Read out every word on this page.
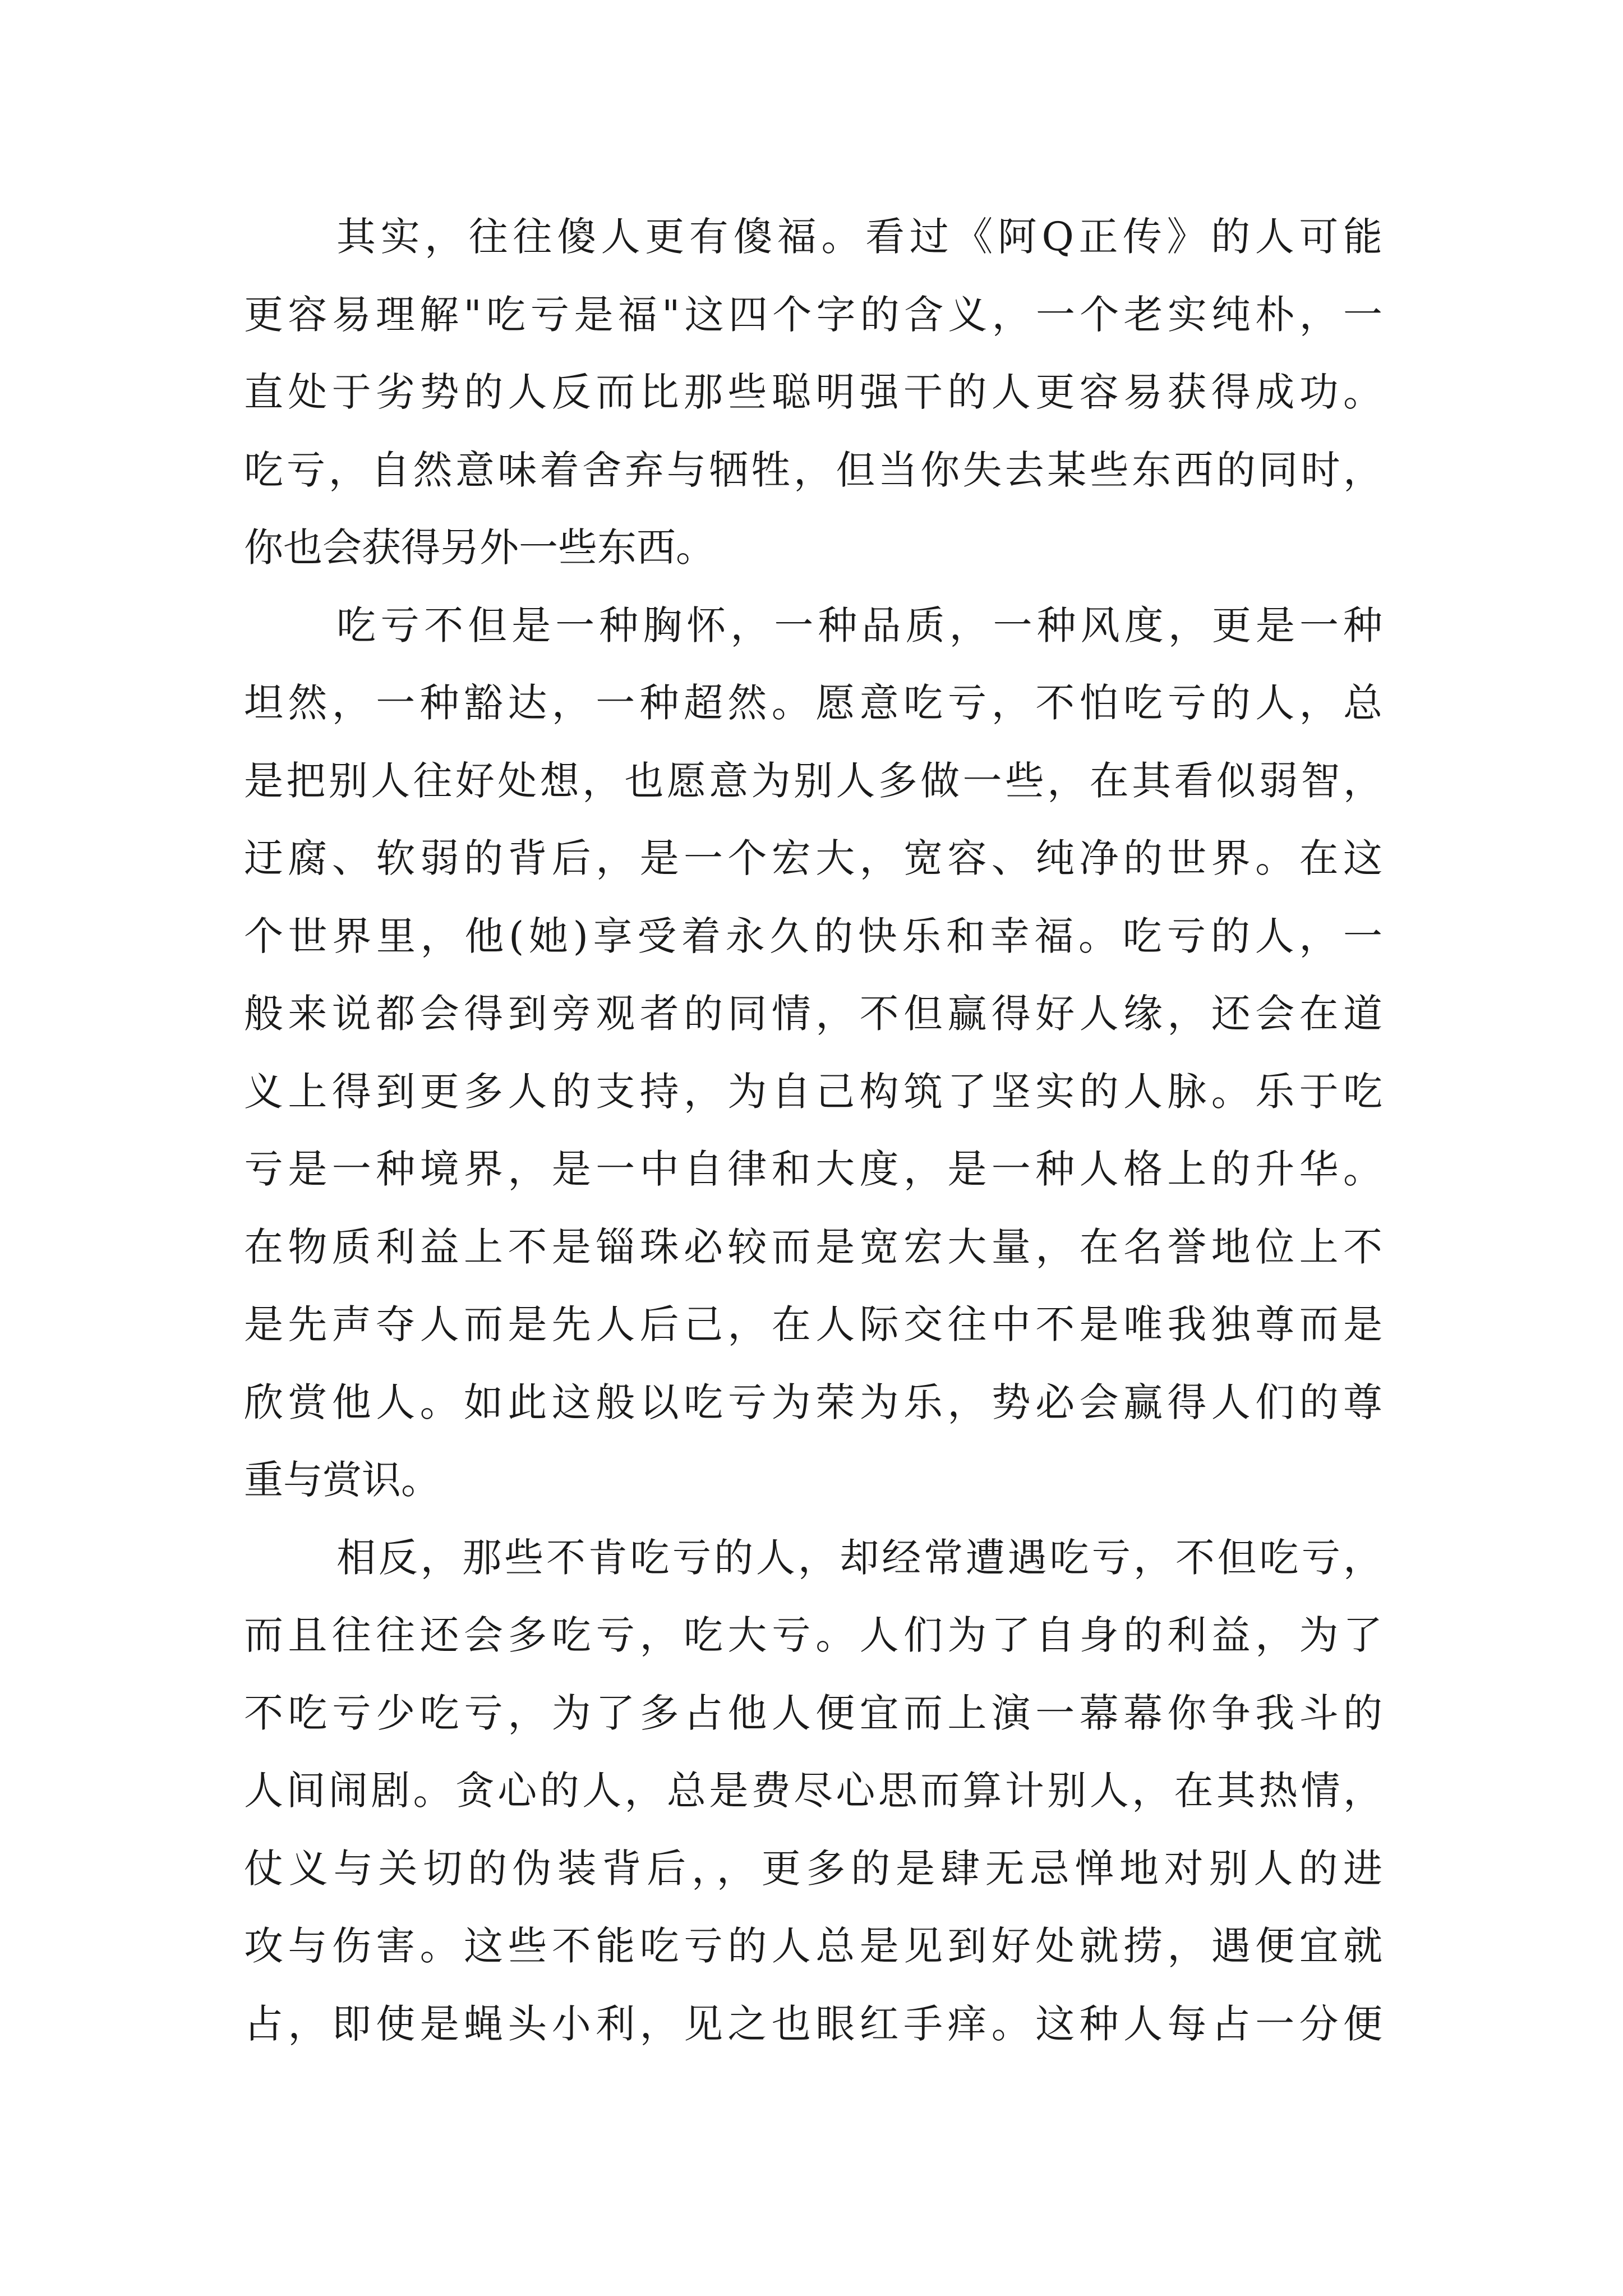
其实，往往傻人更有傻福。看过《阿Q正传》的人可能
更容易理解"吃亏是福"这四个字的含义，一个老实纯朴，一
直处于劣势的人反而比那些聪明强干的人更容易获得成功。
吃亏，自然意味着舍弃与牺牲，但当你失去某些东西的同时，
你也会获得另外一些东西。
吃亏不但是一种胸怀，一种品质，一种风度，更是一种
坦然，一种豁达，一种超然。愿意吃亏，不怕吃亏的人，总
是把别人往好处想，也愿意为别人多做一些，在其看似弱智，
迂腐、软弱的背后，是一个宏大，宽容、纯净的世界。在这
个世界里，他(她)享受着永久的快乐和幸福。吃亏的人，一
般来说都会得到旁观者的同情，不但赢得好人缘，还会在道
义上得到更多人的支持，为自己构筑了坚实的人脉。乐于吃
亏是一种境界，是一中自律和大度，是一种人格上的升华。
在物质利益上不是锱珠必较而是宽宏大量，在名誉地位上不
是先声夺人而是先人后己，在人际交往中不是唯我独尊而是
欣赏他人。如此这般以吃亏为荣为乐，势必会赢得人们的尊
重与赏识。
相反，那些不肯吃亏的人，却经常遭遇吃亏，不但吃亏，
而且往往还会多吃亏，吃大亏。人们为了自身的利益，为了
不吃亏少吃亏，为了多占他人便宜而上演一幕幕你争我斗的
人间闹剧。贪心的人，总是费尽心思而算计别人，在其热情，
仗义与关切的伪装背后，，更多的是肆无忌惮地对别人的进
攻与伤害。这些不能吃亏的人总是见到好处就捞，遇便宜就
占，即使是蝇头小利，见之也眼红手痒。这种人每占一分便
